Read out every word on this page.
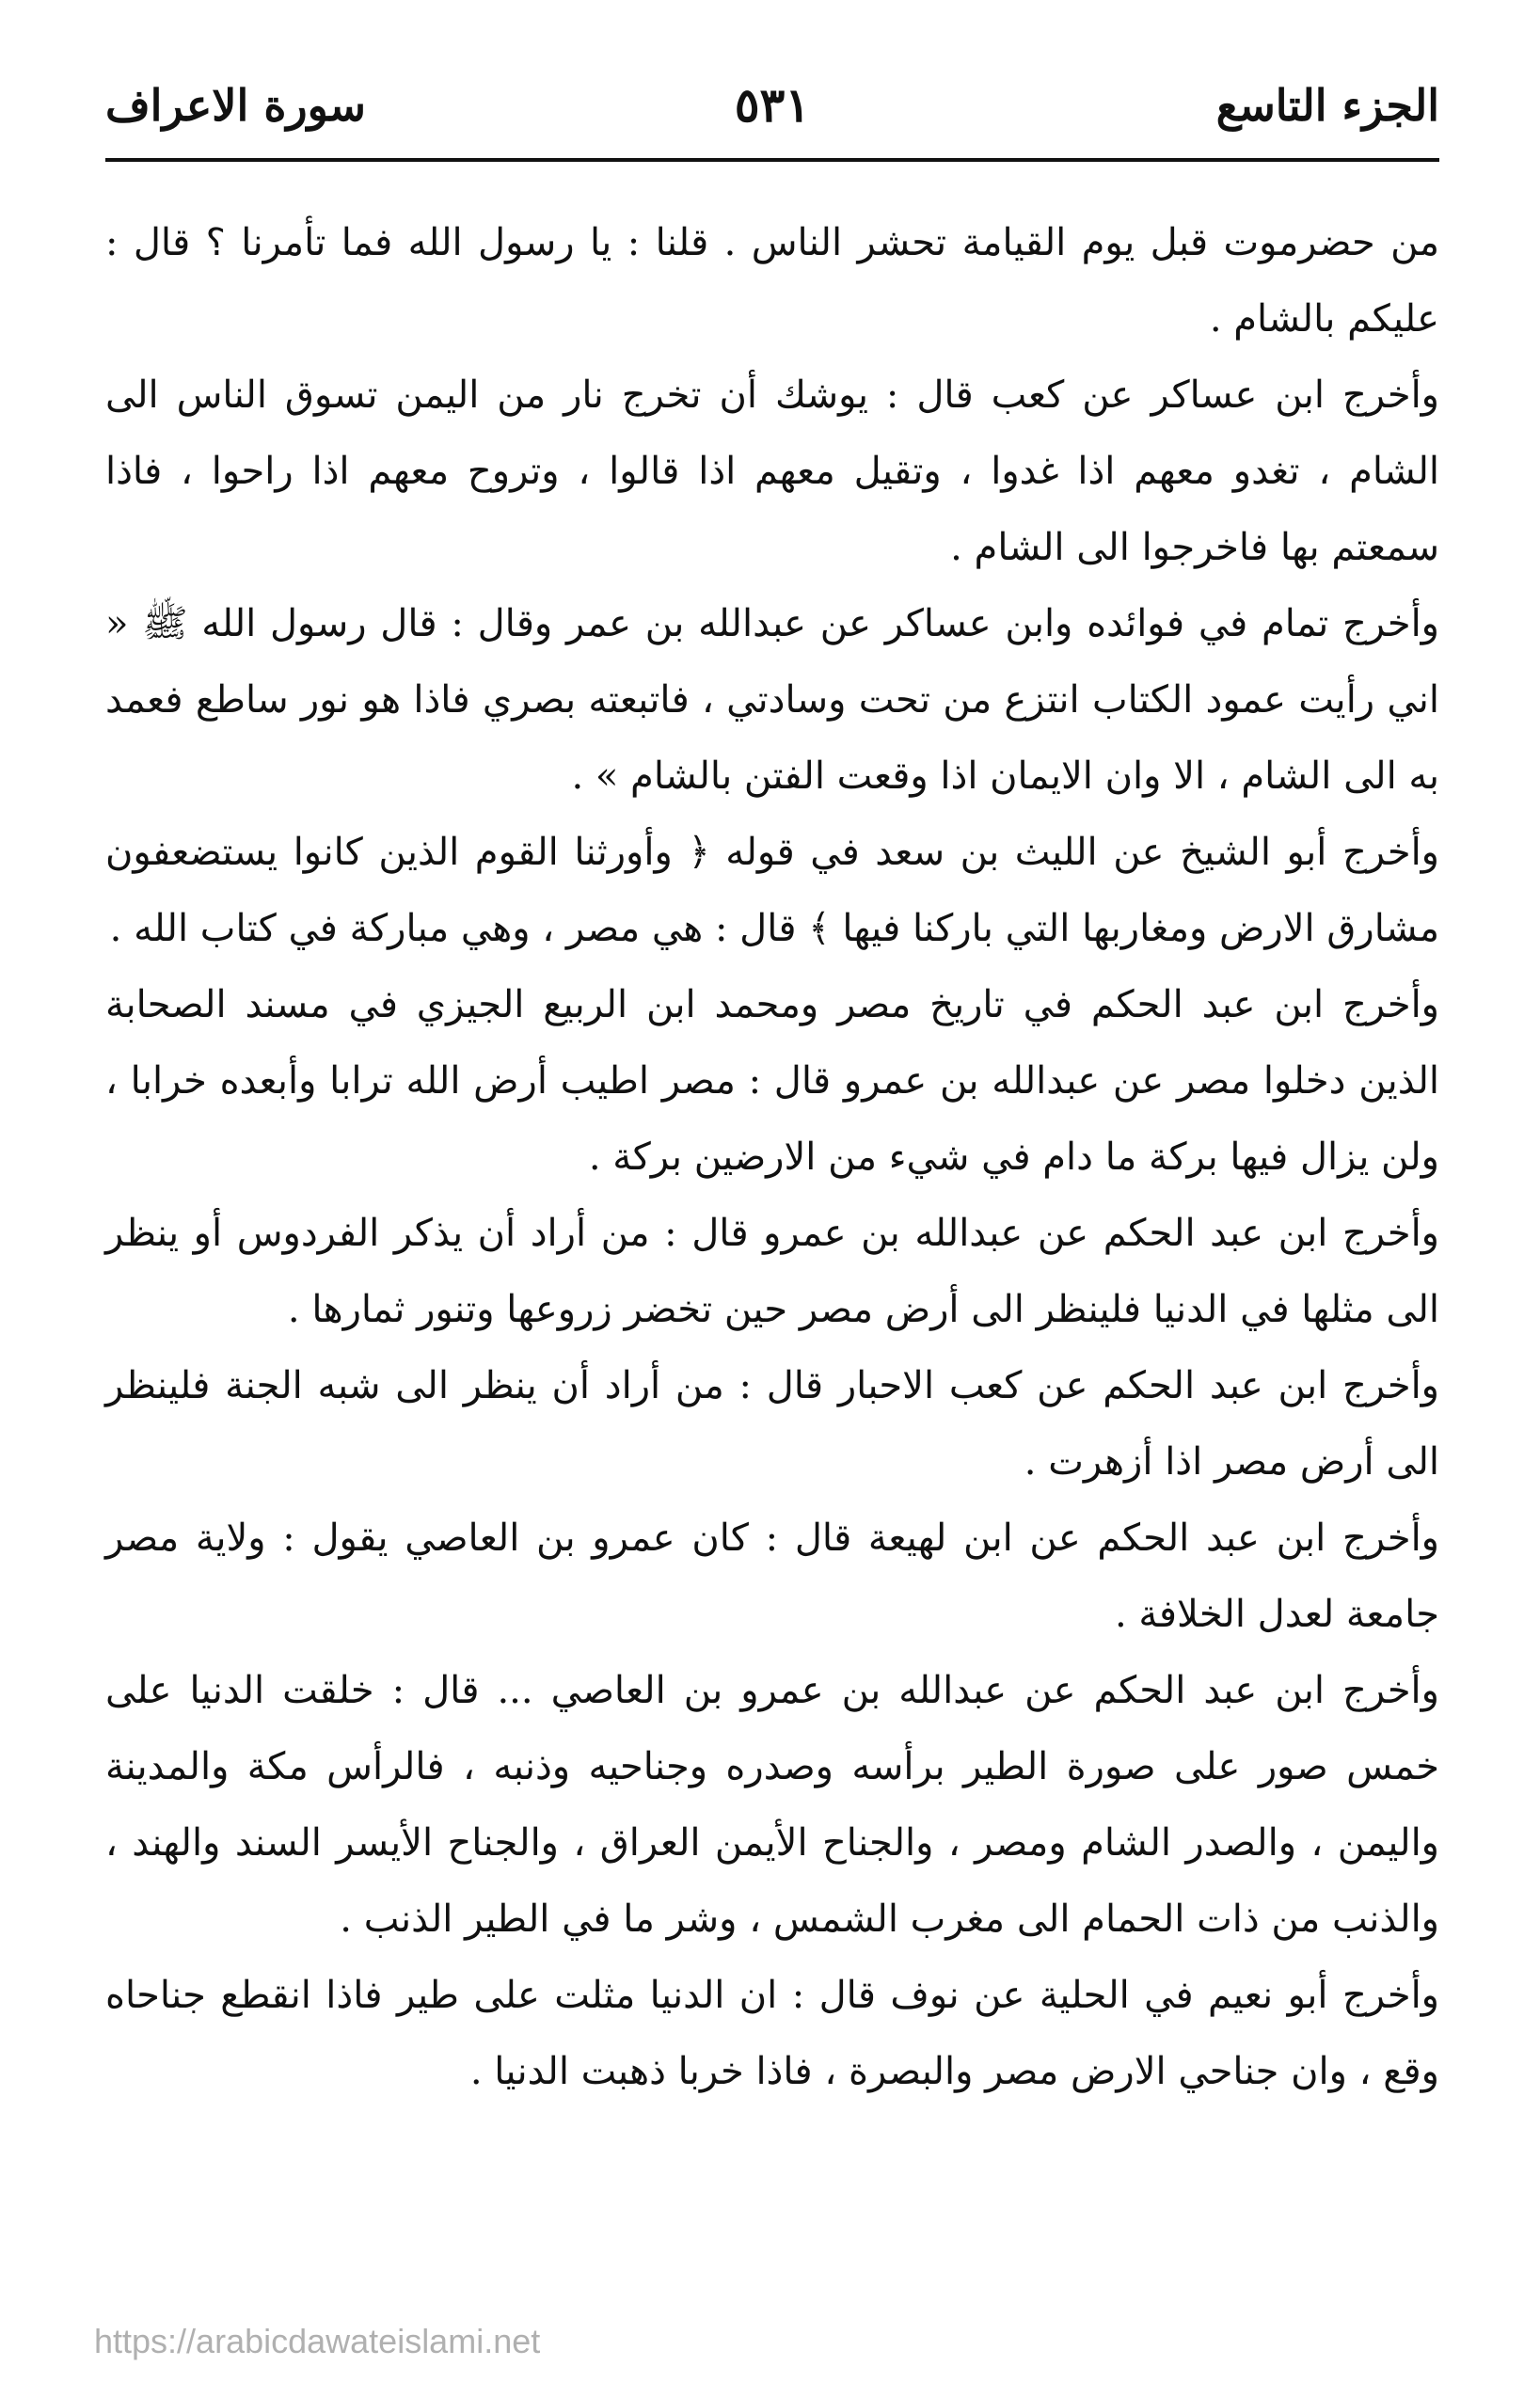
الجزء التاسع
٥٣١
سورة الاعراف

من حضرموت قبل يوم القيامة تحشر الناس . قلنا : يا رسول الله فما تأمرنا ؟ قال : عليكم بالشام .

وأخرج ابن عساكر عن كعب قال : يوشك أن تخرج نار من اليمن تسوق الناس الى الشام ، تغدو معهم اذا غدوا ، وتقيل معهم اذا قالوا ، وتروح معهم اذا راحوا ، فاذا سمعتم بها فاخرجوا الى الشام .

وأخرج تمام في فوائده وابن عساكر عن عبدالله بن عمر وقال : قال رسول الله ﷺ « اني رأيت عمود الكتاب انتزع من تحت وسادتي ، فاتبعته بصري فاذا هو نور ساطع فعمد به الى الشام ، الا وان الايمان اذا وقعت الفتن بالشام » .

وأخرج أبو الشيخ عن الليث بن سعد في قوله ﴿ وأورثنا القوم الذين كانوا يستضعفون مشارق الارض ومغاربها التي باركنا فيها ﴾ قال : هي مصر ، وهي مباركة في كتاب الله .

وأخرج ابن عبد الحكم في تاريخ مصر ومحمد ابن الربيع الجيزي في مسند الصحابة الذين دخلوا مصر عن عبدالله بن عمرو قال : مصر اطيب أرض الله ترابا وأبعده خرابا ، ولن يزال فيها بركة ما دام في شيء من الارضين بركة .

وأخرج ابن عبد الحكم عن عبدالله بن عمرو قال : من أراد أن يذكر الفردوس أو ينظر الى مثلها في الدنيا فلينظر الى أرض مصر حين تخضر زروعها وتنور ثمارها .

وأخرج ابن عبد الحكم عن كعب الاحبار قال : من أراد أن ينظر الى شبه الجنة فلينظر الى أرض مصر اذا أزهرت .

وأخرج ابن عبد الحكم عن ابن لهيعة قال : كان عمرو بن العاصي يقول : ولاية مصر جامعة لعدل الخلافة .

وأخرج ابن عبد الحكم عن عبدالله بن عمرو بن العاصي ... قال : خلقت الدنيا على خمس صور على صورة الطير برأسه وصدره وجناحيه وذنبه ، فالرأس مكة والمدينة واليمن ، والصدر الشام ومصر ، والجناح الأيمن العراق ، والجناح الأيسر السند والهند ، والذنب من ذات الحمام الى مغرب الشمس ، وشر ما في الطير الذنب .

وأخرج أبو نعيم في الحلية عن نوف قال : ان الدنيا مثلت على طير فاذا انقطع جناحاه وقع ، وان جناحي الارض مصر والبصرة ، فاذا خربا ذهبت الدنيا .

https://arabicdawateislami.net
